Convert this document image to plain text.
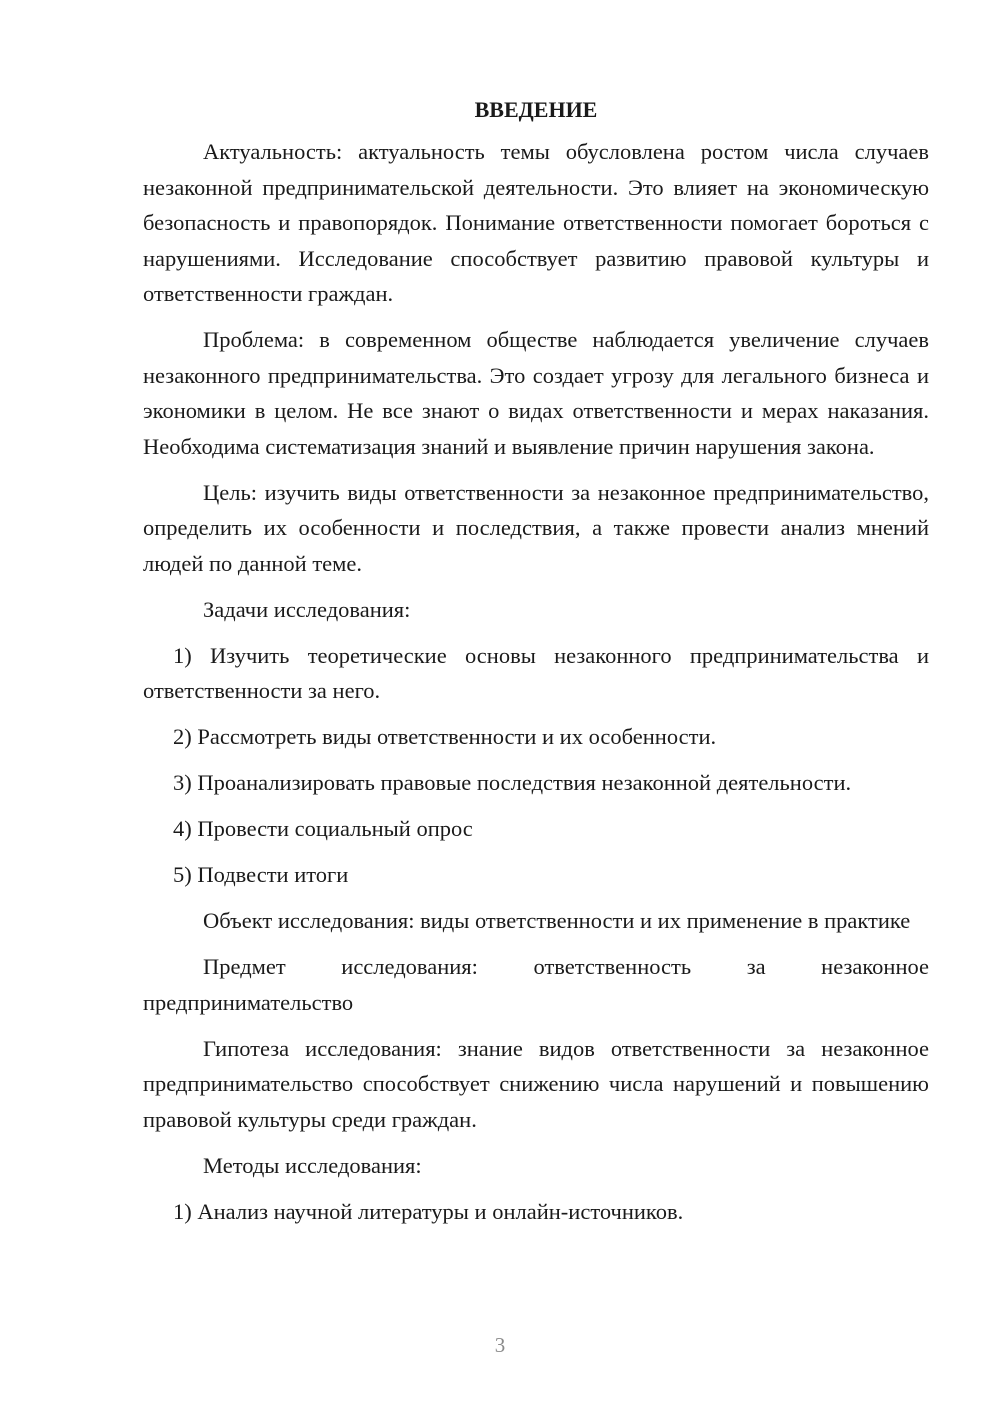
ВВЕДЕНИЕ

Актуальность: актуальность темы обусловлена ростом числа случаев незаконной предпринимательской деятельности. Это влияет на экономическую безопасность и правопорядок. Понимание ответственности помогает бороться с нарушениями. Исследование способствует развитию правовой культуры и ответственности граждан.

Проблема: в современном обществе наблюдается увеличение случаев незаконного предпринимательства. Это создает угрозу для легального бизнеса и экономики в целом. Не все знают о видах ответственности и мерах наказания. Необходима систематизация знаний и выявление причин нарушения закона.

Цель: изучить виды ответственности за незаконное предпринимательство, определить их особенности и последствия, а также провести анализ мнений людей по данной теме.

Задачи исследования:

1) Изучить теоретические основы незаконного предпринимательства и ответственности за него.

2) Рассмотреть виды ответственности и их особенности.

3) Проанализировать правовые последствия незаконной деятельности.

4) Провести социальный опрос

5) Подвести итоги

Объект исследования: виды ответственности и их применение в практике

Предмет исследования: ответственность за незаконное предпринимательство

Гипотеза исследования: знание видов ответственности за незаконное предпринимательство способствует снижению числа нарушений и повышению правовой культуры среди граждан.

Методы исследования:

1) Анализ научной литературы и онлайн-источников.

3
